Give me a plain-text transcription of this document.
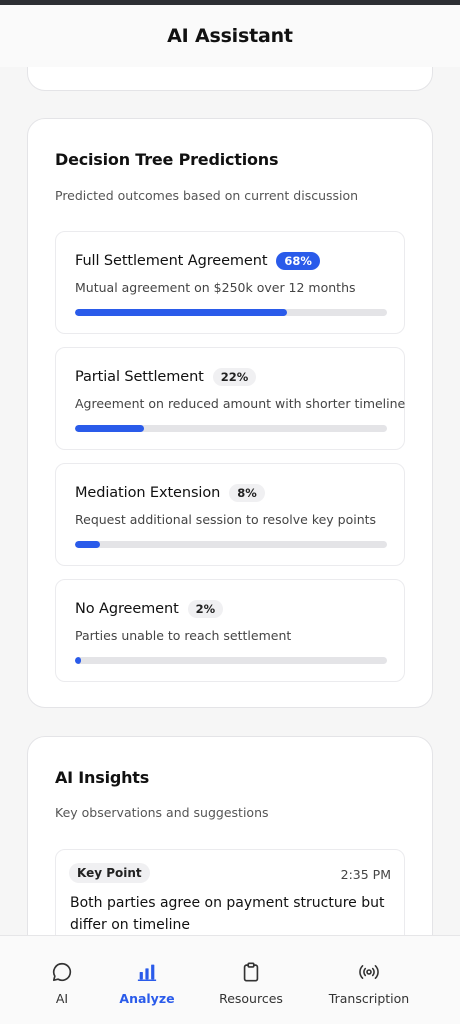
AI Assistant
Decision Tree Predictions
Predicted outcomes based on current discussion
Full Settlement Agreement	68%
Mutual agreement on $250k over 12 months
Partial Settlement	22%
Agreement on reduced amount with shorter timeline
Mediation Extension	8%
Request additional session to resolve key points
No Agreement	2%
Parties unable to reach settlement
AI Insights
Key observations and suggestions
Key Point	2:35 PM
Both parties agree on payment structure but differ on timeline
AI	Analyze	Resources	Transcription
